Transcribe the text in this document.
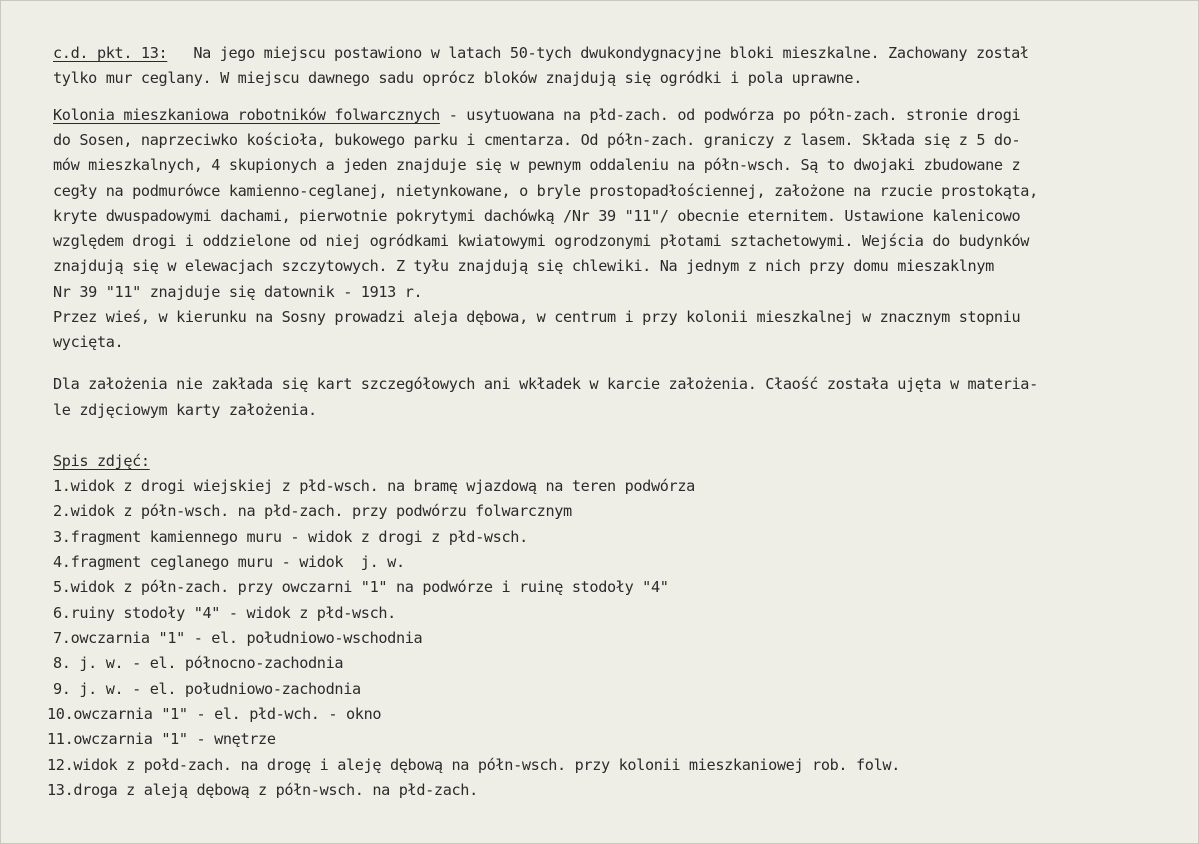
c.d. pkt. 13: Na jego miejscu postawiono w latach 50-tych dwukondygnacyjne bloki mieszkalne. Zachowany został
tylko mur ceglany. W miejscu dawnego sadu oprócz bloków znajdują się ogródki i pola uprawne.
Kolonia mieszkaniowa robotników folwarcznych - usytuowana na płd-zach. od podwórza po półn-zach. stronie drogi
do Sosen, naprzeciwko kościoła, bukowego parku i cmentarza. Od półn-zach. graniczy z lasem. Składa się z 5 do-
mów mieszkalnych, 4 skupionych a jeden znajduje się w pewnym oddaleniu na półn-wsch. Są to dwojaki zbudowane z
cegły na podmurówce kamienno-ceglanej, nietynkowane, o bryle prostopadłościennej, założone na rzucie prostokąta,
kryte dwuspadowymi dachami, pierwotnie pokrytymi dachówką /Nr 39 "11"/ obecnie eternitem. Ustawione kalenicowo
względem drogi i oddzielone od niej ogródkami kwiatowymi ogrodzonymi płotami sztachetowymi. Wejścia do budynków
znajdują się w elewacjach szczytowych. Z tyłu znajdują się chlewiki. Na jednym z nich przy domu mieszaklnym
Nr 39 "11" znajduje się datownik - 1913 r.
Przez wieś, w kierunku na Sosny prowadzi aleja dębowa, w centrum i przy kolonii mieszkalnej w znacznym stopniu
wycięta.
Dla założenia nie zakłada się kart szczegółowych ani wkładek w karcie założenia. Cłaość została ujęta w materia-
le zdjęciowym karty założenia.
Spis zdjęć:
1.widok z drogi wiejskiej z płd-wsch. na bramę wjazdową na teren podwórza
2.widok z półn-wsch. na płd-zach. przy podwórzu folwarcznym
3.fragment kamiennego muru - widok z drogi z płd-wsch.
4.fragment ceglanego muru - widok  j. w.
5.widok z półn-zach. przy owczarni "1" na podwórze i ruinę stodoły "4"
6.ruiny stodoły "4" - widok z płd-wsch.
7.owczarnia "1" - el. południowo-wschodnia
8. j. w. - el. północno-zachodnia
9. j. w. - el. południowo-zachodnia
10.owczarnia "1" - el. płd-wch. - okno
11.owczarnia "1" - wnętrze
12.widok z połd-zach. na drogę i aleję dębową na półn-wsch. przy kolonii mieszkaniowej rob. folw.
13.droga z aleją dębową z półn-wsch. na płd-zach.
